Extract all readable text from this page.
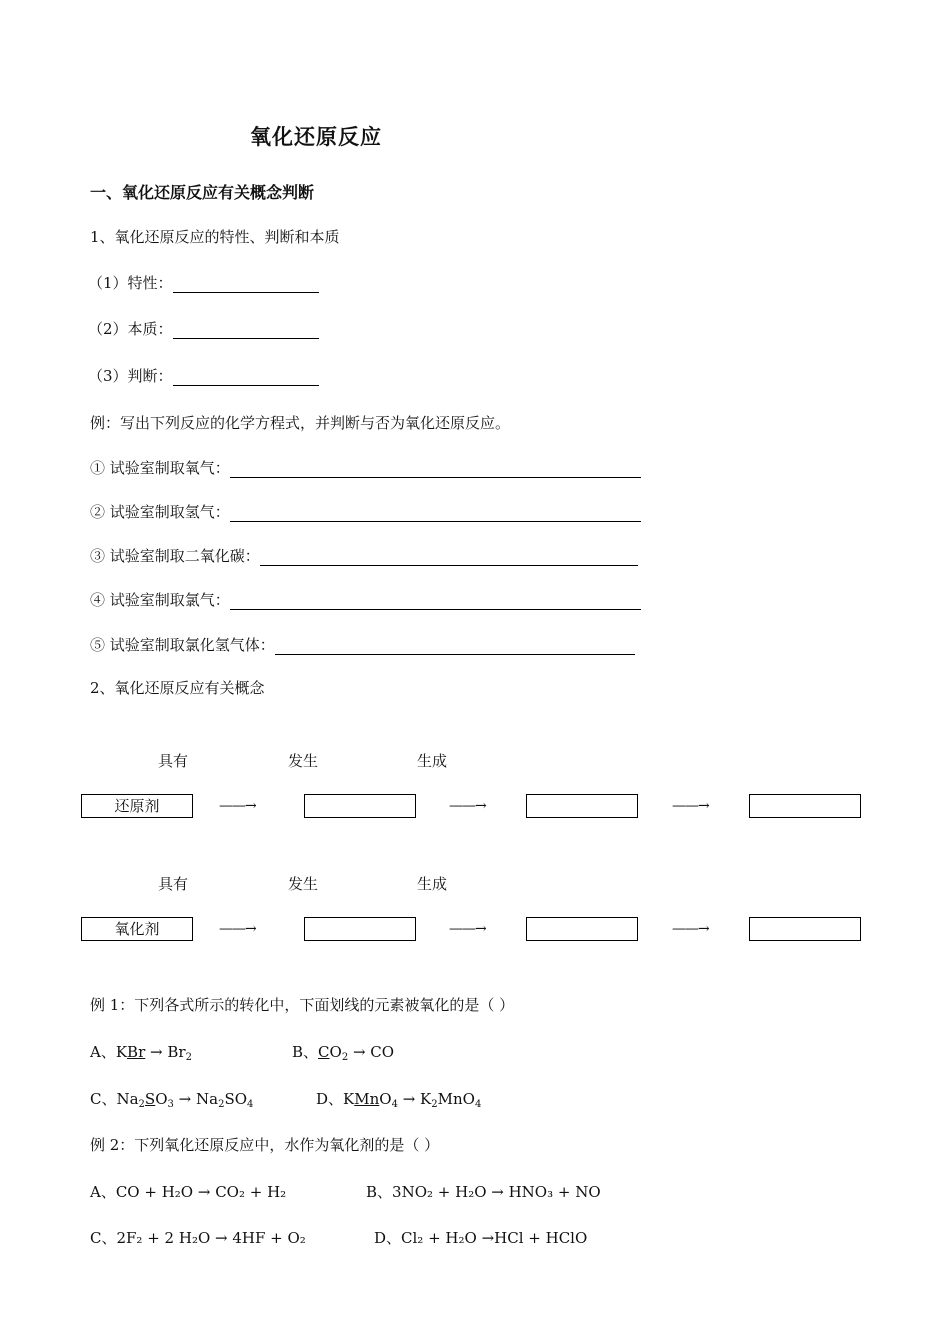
氧化还原反应
一、氧化还原反应有关概念判断
1、氧化还原反应的特性、判断和本质
（1）特性：
（2）本质：
（3）判断：
例：写出下列反应的化学方程式，并判断与否为氧化还原反应。
① 试验室制取氧气：
② 试验室制取氢气：
③ 试验室制取二氧化碳：
④ 试验室制取氯气：
⑤ 试验室制取氯化氢气体：
2、氧化还原反应有关概念
具有	发生	生成
还原剂	——→	——→	——→
具有	发生	生成
氧化剂	——→	——→	——→
例 1：下列各式所示的转化中，下面划线的元素被氧化的是（ ）
A、KBr → $Br_2$	B、$CO_2$ → CO
C、$Na_2SO_3 \to Na_2SO_4$	D、KMnO$_4$ → $K_2MnO_4$
例 2：下列氧化还原反应中，水作为氧化剂的是（ ）
A、CO + H₂O → CO₂ + H₂	B、3NO₂ + H₂O → HNO₃ + NO
C、2F₂ + 2 H₂O → 4HF + O₂	D、Cl₂ + H₂O →HCl + HClO
